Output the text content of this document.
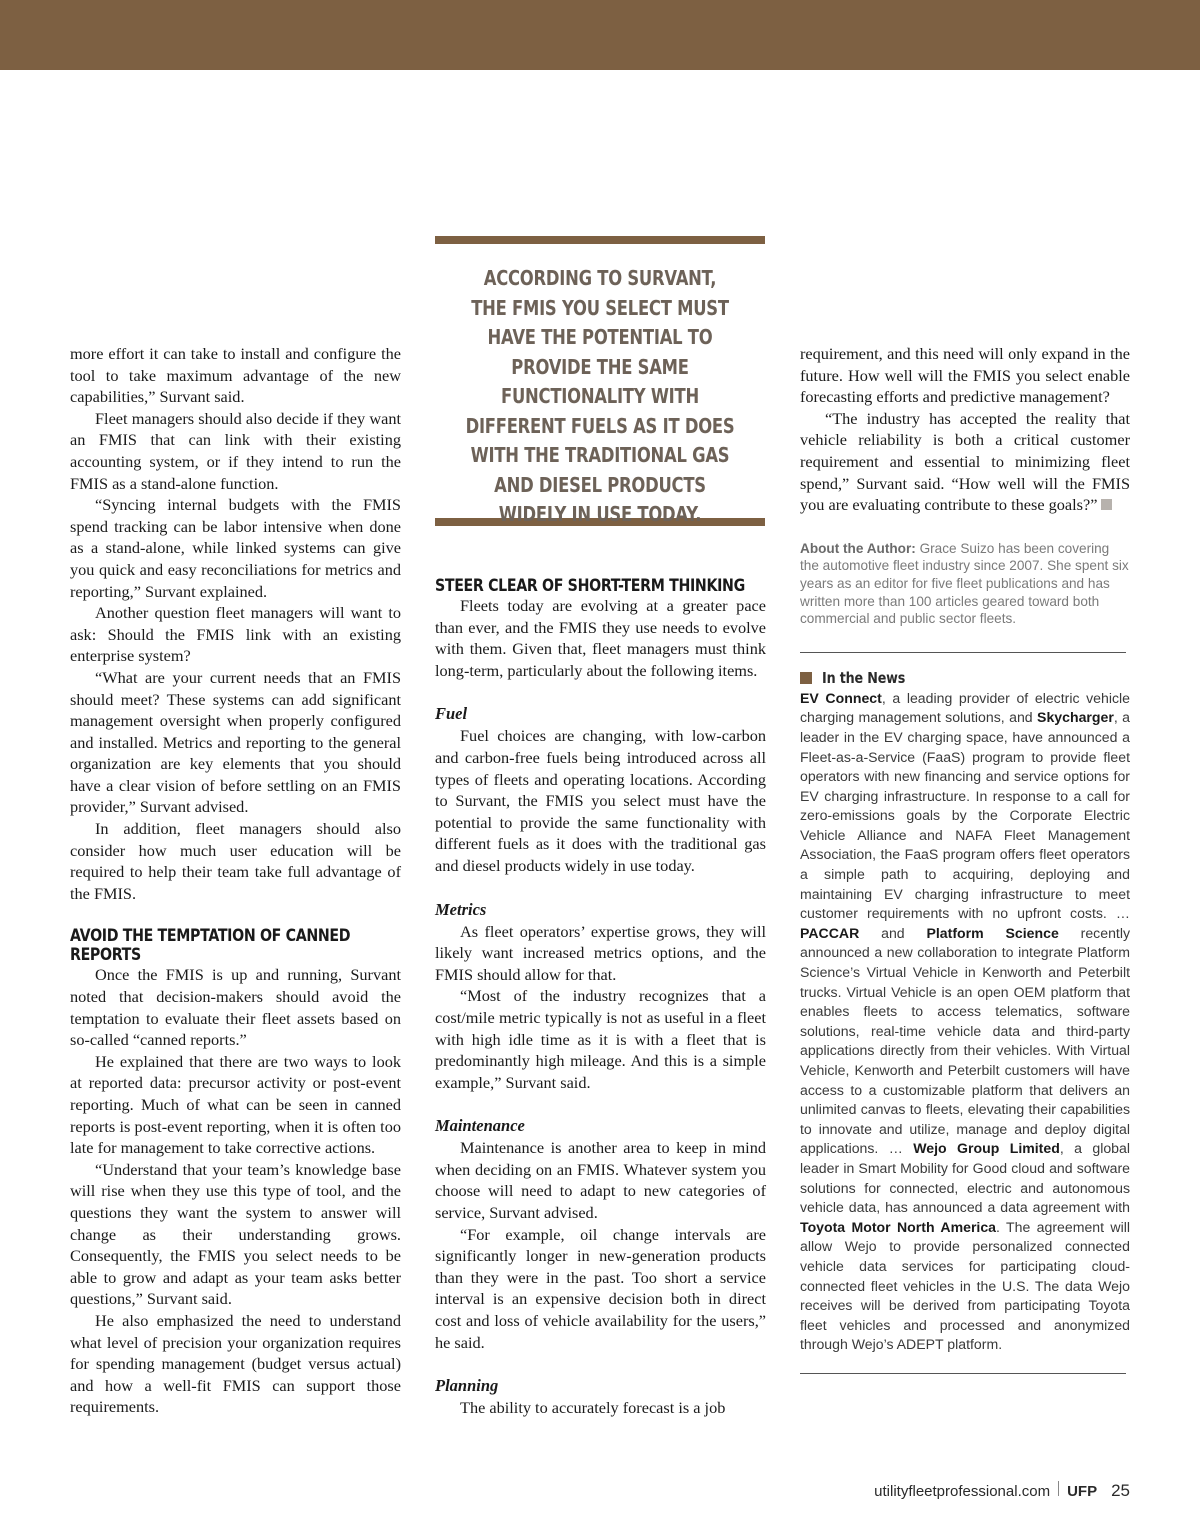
ACCORDING TO SURVANT, THE FMIS YOU SELECT MUST HAVE THE POTENTIAL TO PROVIDE THE SAME FUNCTIONALITY WITH DIFFERENT FUELS AS IT DOES WITH THE TRADITIONAL GAS AND DIESEL PRODUCTS WIDELY IN USE TODAY.

more effort it can take to install and configure the tool to take maximum advantage of the new capabilities,” Survant said.

Fleet managers should also decide if they want an FMIS that can link with their existing accounting system, or if they intend to run the FMIS as a stand-alone function.

“Syncing internal budgets with the FMIS spend tracking can be labor intensive when done as a stand-alone, while linked systems can give you quick and easy reconciliations for metrics and reporting,” Survant explained.

Another question fleet managers will want to ask: Should the FMIS link with an existing enterprise system?

“What are your current needs that an FMIS should meet? These systems can add significant management oversight when properly configured and installed. Metrics and reporting to the general organization are key elements that you should have a clear vision of before settling on an FMIS provider,” Survant advised.

In addition, fleet managers should also consider how much user education will be required to help their team take full advantage of the FMIS.

AVOID THE TEMPTATION OF CANNED REPORTS

Once the FMIS is up and running, Survant noted that decision-makers should avoid the temptation to evaluate their fleet assets based on so-called “canned reports.”

He explained that there are two ways to look at reported data: precursor activity or post-event reporting. Much of what can be seen in canned reports is post-event reporting, when it is often too late for management to take corrective actions.

“Understand that your team’s knowledge base will rise when they use this type of tool, and the questions they want the system to answer will change as their understanding grows. Consequently, the FMIS you select needs to be able to grow and adapt as your team asks better questions,” Survant said.

He also emphasized the need to understand what level of precision your organization requires for spending management (budget versus actual) and how a well-fit FMIS can support those requirements.

STEER CLEAR OF SHORT-TERM THINKING

Fleets today are evolving at a greater pace than ever, and the FMIS they use needs to evolve with them. Given that, fleet managers must think long-term, particularly about the following items.

Fuel

Fuel choices are changing, with low-carbon and carbon-free fuels being introduced across all types of fleets and operating locations. According to Survant, the FMIS you select must have the potential to provide the same functionality with different fuels as it does with the traditional gas and diesel products widely in use today.

Metrics

As fleet operators’ expertise grows, they will likely want increased metrics options, and the FMIS should allow for that.

“Most of the industry recognizes that a cost/mile metric typically is not as useful in a fleet with high idle time as it is with a fleet that is predominantly high mileage. And this is a simple example,” Survant said.

Maintenance

Maintenance is another area to keep in mind when deciding on an FMIS. Whatever system you choose will need to adapt to new categories of service, Survant advised.

“For example, oil change intervals are significantly longer in new-generation products than they were in the past. Too short a service interval is an expensive decision both in direct cost and loss of vehicle availability for the users,” he said.

Planning

The ability to accurately forecast is a job

requirement, and this need will only expand in the future. How well will the FMIS you select enable forecasting efforts and predictive management?

“The industry has accepted the reality that vehicle reliability is both a critical customer requirement and essential to minimizing fleet spend,” Survant said. “How well will the FMIS you are evaluating contribute to these goals?”

About the Author: Grace Suizo has been covering the automotive fleet industry since 2007. She spent six years as an editor for five fleet publications and has written more than 100 articles geared toward both commercial and public sector fleets.
In the News
EV Connect, a leading provider of electric vehicle charging management solutions, and Skycharger, a leader in the EV charging space, have announced a Fleet-as-a-Service (FaaS) program to provide fleet operators with new financing and service options for EV charging infrastructure. In response to a call for zero-emissions goals by the Corporate Electric Vehicle Alliance and NAFA Fleet Management Association, the FaaS program offers fleet operators a simple path to acquiring, deploying and maintaining EV charging infrastructure to meet customer requirements with no upfront costs. … PACCAR and Platform Science recently announced a new collaboration to integrate Platform Science’s Virtual Vehicle in Kenworth and Peterbilt trucks. Virtual Vehicle is an open OEM platform that enables fleets to access telematics, software solutions, real-time vehicle data and third-party applications directly from their vehicles. With Virtual Vehicle, Kenworth and Peterbilt customers will have access to a customizable platform that delivers an unlimited canvas to fleets, elevating their capabilities to innovate and utilize, manage and deploy digital applications. … Wejo Group Limited, a global leader in Smart Mobility for Good cloud and software solutions for connected, electric and autonomous vehicle data, has announced a data agreement with Toyota Motor North America. The agreement will allow Wejo to provide personalized connected vehicle data services for participating cloud-connected fleet vehicles in the U.S. The data Wejo receives will be derived from participating Toyota fleet vehicles and processed and anonymized through Wejo’s ADEPT platform.
utilityfleetprofessional.com UFP 25
